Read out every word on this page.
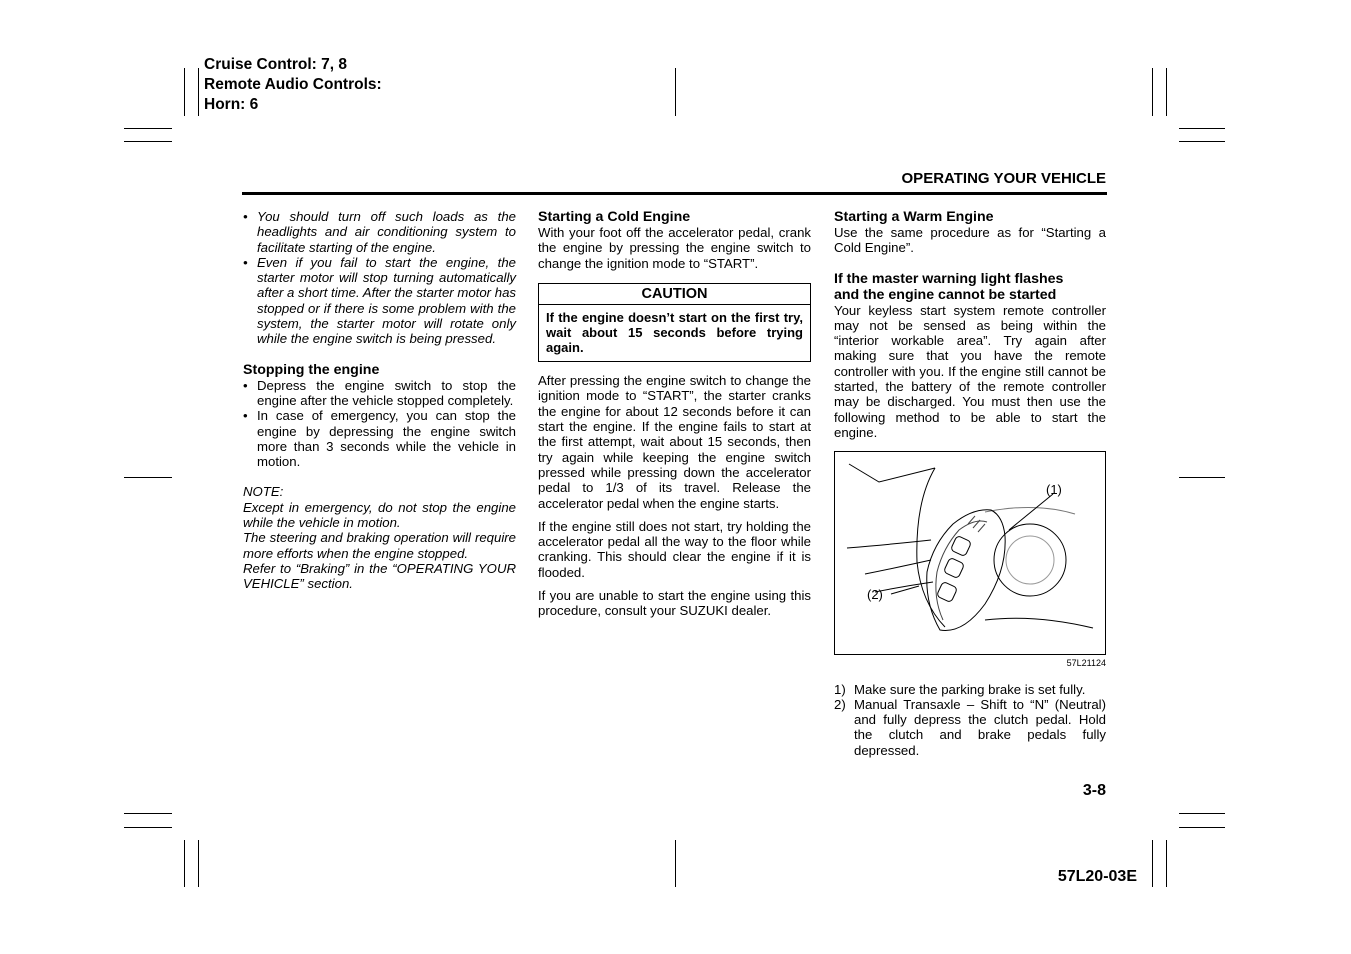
Cruise Control: 7, 8
Remote Audio Controls:
Horn: 6
OPERATING YOUR VEHICLE
• You should turn off such loads as the headlights and air conditioning system to facilitate starting of the engine.
• Even if you fail to start the engine, the starter motor will stop turning automatically after a short time. After the starter motor has stopped or if there is some problem with the system, the starter motor will rotate only while the engine switch is being pressed.
Stopping the engine
• Depress the engine switch to stop the engine after the vehicle stopped completely.
• In case of emergency, you can stop the engine by depressing the engine switch more than 3 seconds while the vehicle in motion.
NOTE:

Except in emergency, do not stop the engine while the vehicle in motion.

The steering and braking operation will require more efforts when the engine stopped.

Refer to “Braking” in the “OPERATING YOUR VEHICLE” section.

Starting a Cold Engine

With your foot off the accelerator pedal, crank the engine by pressing the engine switch to change the ignition mode to “START”.

CAUTION
If the engine doesn’t start on the first try, wait about 15 seconds before trying again.

After pressing the engine switch to change the ignition mode to “START”, the starter cranks the engine for about 12 seconds before it can start the engine. If the engine fails to start at the first attempt, wait about 15 seconds, then try again while keeping the engine switch pressed while pressing down the accelerator pedal to 1/3 of its travel. Release the accelerator pedal when the engine starts.

If the engine still does not start, try holding the accelerator pedal all the way to the floor while cranking. This should clear the engine if it is flooded.

If you are unable to start the engine using this procedure, consult your SUZUKI dealer.

Starting a Warm Engine

Use the same procedure as for “Starting a Cold Engine”.

If the master warning light flashes
and the engine cannot be started

Your keyless start system remote controller may not be sensed as being within the “interior workable area”. Try again after making sure that you have the remote controller with you. If the engine still cannot be started, the battery of the remote controller may be discharged. You must then use the following method to be able to start the engine.

(1)
(2)
57L21124
1) Make sure the parking brake is set fully.
2) Manual Transaxle – Shift to “N” (Neutral) and fully depress the clutch pedal. Hold the clutch and brake pedals fully depressed.
3-8
57L20-03E
